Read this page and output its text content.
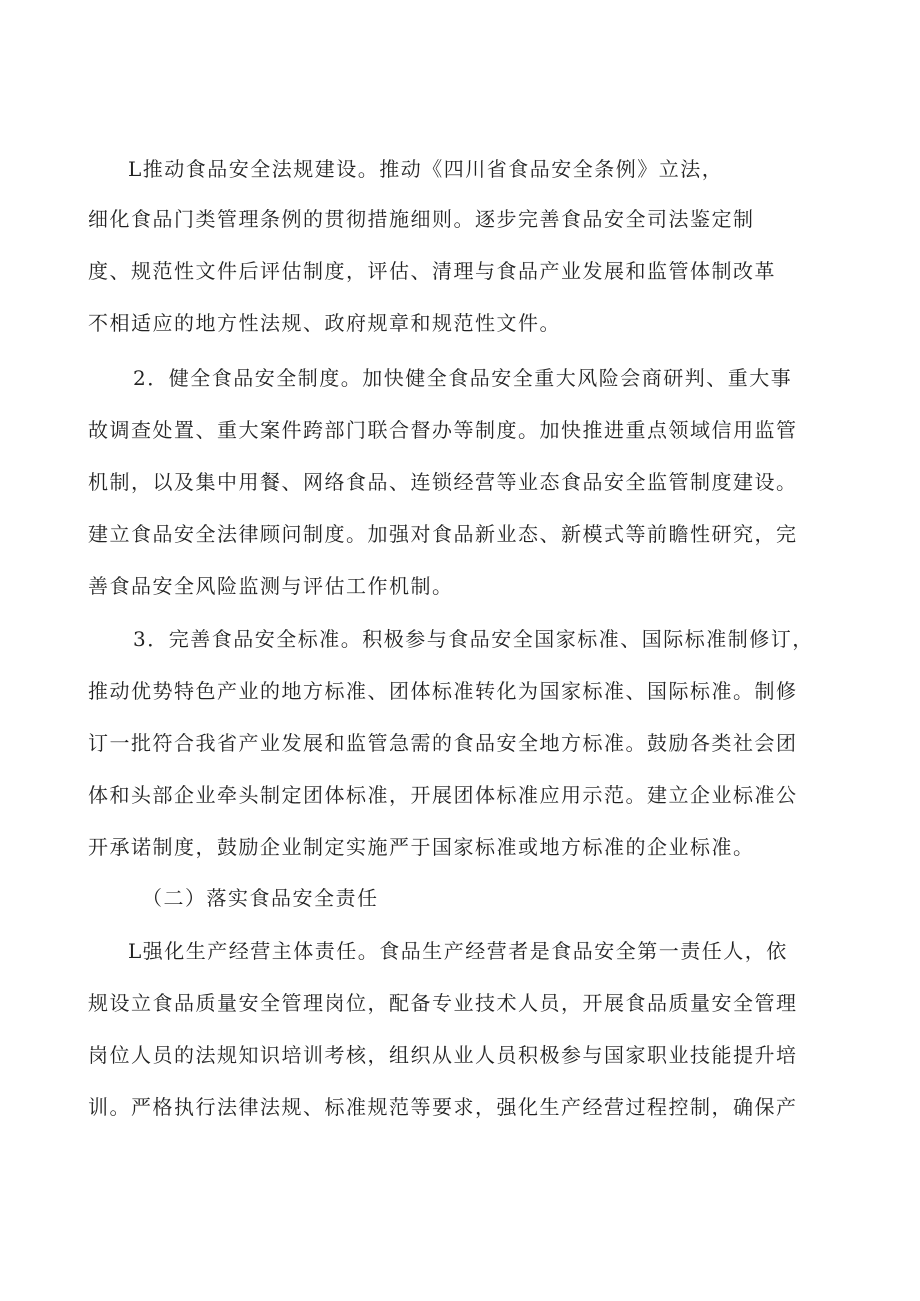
L推动食品安全法规建设。推动《四川省食品安全条例》立法，
细化食品门类管理条例的贯彻措施细则。逐步完善食品安全司法鉴定制
度、规范性文件后评估制度，评估、清理与食品产业发展和监管体制改革
不相适应的地方性法规、政府规章和规范性文件。
2．健全食品安全制度。加快健全食品安全重大风险会商研判、重大事
故调查处置、重大案件跨部门联合督办等制度。加快推进重点领域信用监管
机制，以及集中用餐、网络食品、连锁经营等业态食品安全监管制度建设。
建立食品安全法律顾问制度。加强对食品新业态、新模式等前瞻性研究，完
善食品安全风险监测与评估工作机制。
3．完善食品安全标准。积极参与食品安全国家标准、国际标准制修订，
推动优势特色产业的地方标准、团体标准转化为国家标准、国际标准。制修
订一批符合我省产业发展和监管急需的食品安全地方标准。鼓励各类社会团
体和头部企业牵头制定团体标准，开展团体标准应用示范。建立企业标准公
开承诺制度，鼓励企业制定实施严于国家标准或地方标准的企业标准。
（二）落实食品安全责任
L强化生产经营主体责任。食品生产经营者是食品安全第一责任人，依
规设立食品质量安全管理岗位，配备专业技术人员，开展食品质量安全管理
岗位人员的法规知识培训考核，组织从业人员积极参与国家职业技能提升培
训。严格执行法律法规、标准规范等要求，强化生产经营过程控制，确保产
